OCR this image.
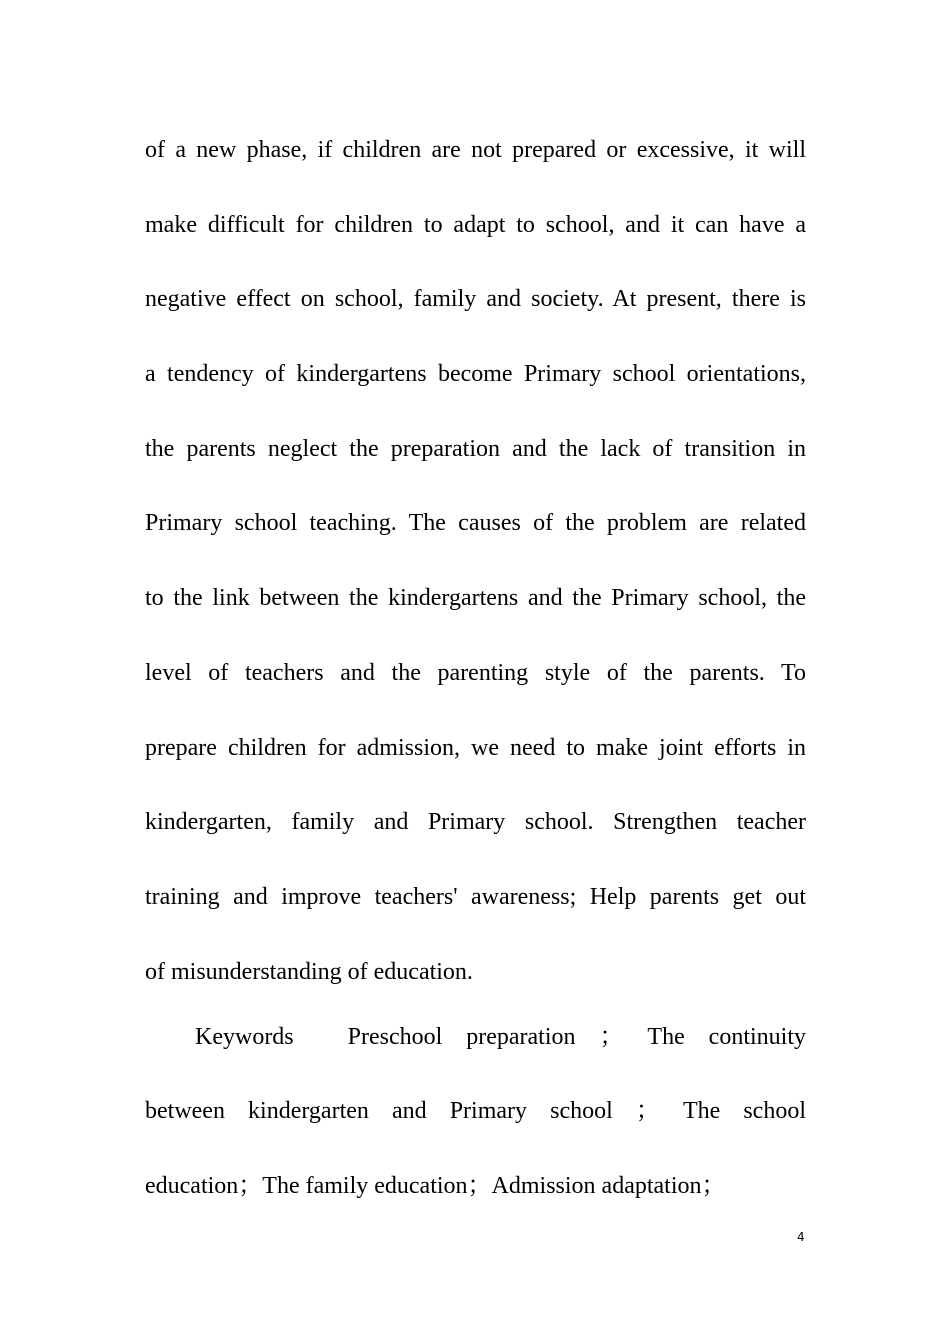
of a new phase, if children are not prepared or excessive, it will
make difficult for children to adapt to school, and it can have a
negative effect on school, family and society. At present, there is
a tendency of kindergartens become Primary school orientations,
the parents neglect the preparation and the lack of transition in
Primary school teaching. The causes of the problem are related
to the link between the kindergartens and the Primary school, the
level of teachers and the parenting style of the parents. To
prepare children for admission, we need to make joint efforts in
kindergarten, family and Primary school. Strengthen teacher
training and improve teachers' awareness; Help parents get out
of misunderstanding of education.
Keywords Preschool preparation ； The continuity
between kindergarten and Primary school ； The school
education；The family education；Admission adaptation；
4
